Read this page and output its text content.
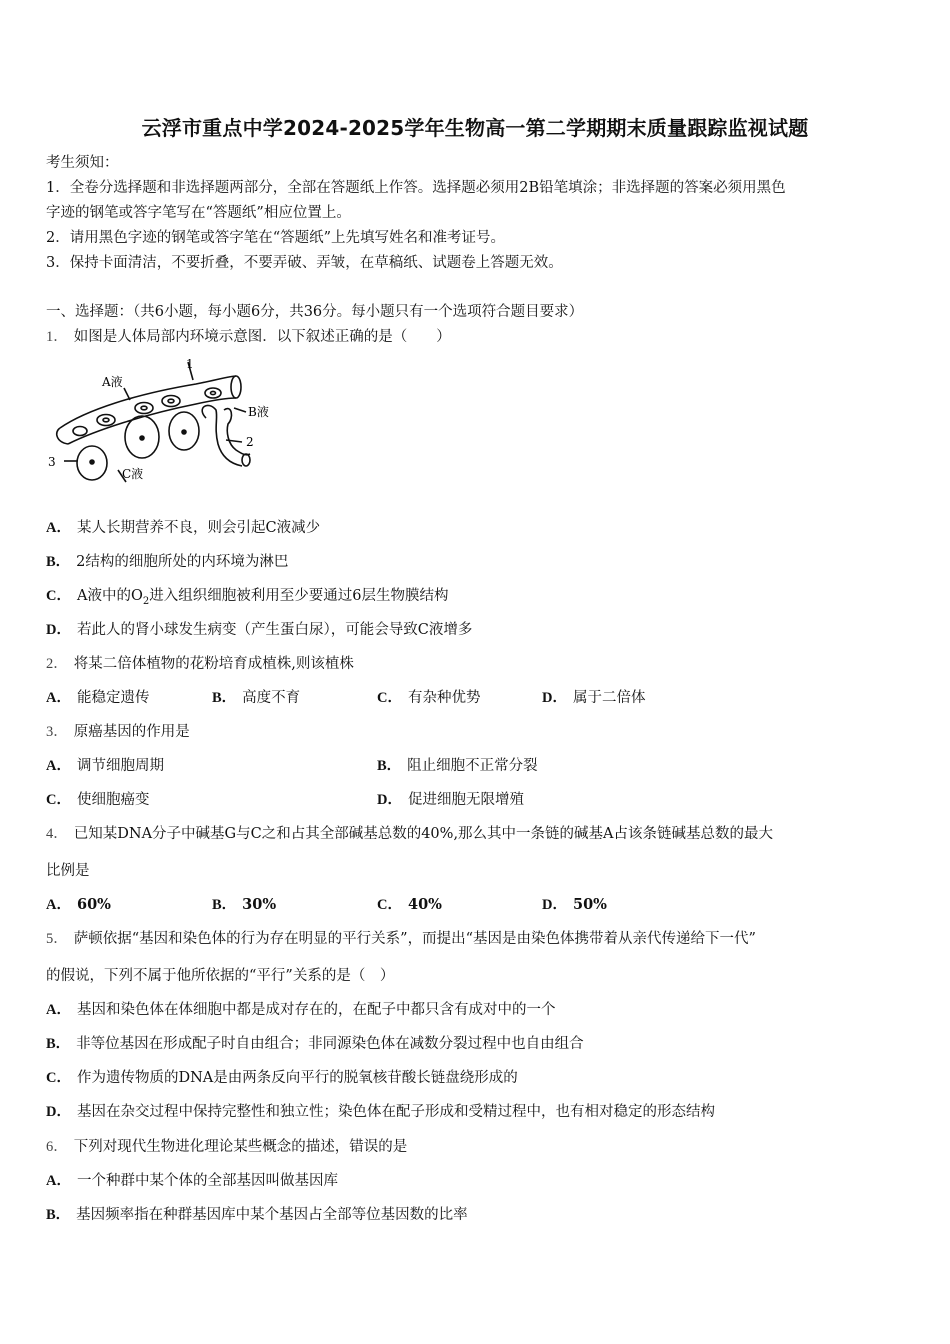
云浮市重点中学2024-2025学年生物高一第二学期期末质量跟踪监视试题
考生须知：
1．全卷分选择题和非选择题两部分，全部在答题纸上作答。选择题必须用2B铅笔填涂；非选择题的答案必须用黑色
字迹的钢笔或答字笔写在“答题纸”相应位置上。
2．请用黑色字迹的钢笔或答字笔在“答题纸”上先填写姓名和准考证号。
3．保持卡面清洁，不要折叠，不要弄破、弄皱，在草稿纸、试题卷上答题无效。
一、选择题：（共6小题，每小题6分，共36分。每小题只有一个选项符合题目要求）
1． 如图是人体局部内环境示意图．以下叙述正确的是（　　）
A液
1
B液
2
3
C液
A． 某人长期营养不良，则会引起C液减少
B． 2结构的细胞所处的内环境为淋巴
C． A液中的$O_2$进入组织细胞被利用至少要通过6层生物膜结构
D． 若此人的肾小球发生病变（产生蛋白尿），可能会导致C液增多
2． 将某二倍体植物的花粉培育成植株,则该植株
A． 能稳定遗传	B． 高度不育	C． 有杂种优势	D． 属于二倍体
3． 原癌基因的作用是
A． 调节细胞周期	B． 阻止细胞不正常分裂
C． 使细胞癌变	D． 促进细胞无限增殖
4． 已知某DNA分子中碱基G与C之和占其全部碱基总数的40%,那么其中一条链的碱基A占该条链碱基总数的最大
比例是
A． 60%	B． 30%	C． 40%	D． 50%
5． 萨顿依据“基因和染色体的行为存在明显的平行关系”，而提出“基因是由染色体携带着从亲代传递给下一代”
的假说，下列不属于他所依据的“平行”关系的是（　）
A． 基因和染色体在体细胞中都是成对存在的，在配子中都只含有成对中的一个
B． 非等位基因在形成配子时自由组合；非同源染色体在减数分裂过程中也自由组合
C． 作为遗传物质的DNA是由两条反向平行的脱氧核苷酸长链盘绕形成的
D． 基因在杂交过程中保持完整性和独立性；染色体在配子形成和受精过程中，也有相对稳定的形态结构
6． 下列对现代生物进化理论某些概念的描述，错误的是
A． 一个种群中某个体的全部基因叫做基因库
B． 基因频率指在种群基因库中某个基因占全部等位基因数的比率
